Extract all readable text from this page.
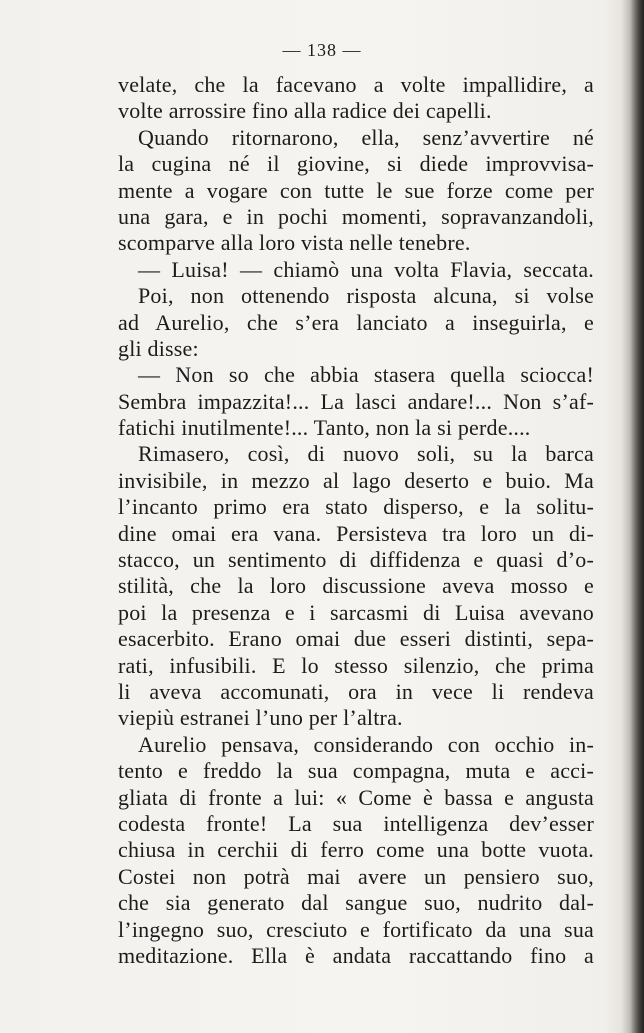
— 138 —
velate, che la facevano a volte impallidire, a
volte arrossire fino alla radice dei capelli.
Quando ritornarono, ella, senz’avvertire né
la cugina né il giovine, si diede improvvisa-
mente a vogare con tutte le sue forze come per
una gara, e in pochi momenti, sopravanzandoli,
scomparve alla loro vista nelle tenebre.
— Luisa! — chiamò una volta Flavia, seccata.
Poi, non ottenendo risposta alcuna, si volse
ad Aurelio, che s’era lanciato a inseguirla, e
gli disse:
— Non so che abbia stasera quella sciocca!
Sembra impazzita!... La lasci andare!... Non s’af-
fatichi inutilmente!... Tanto, non la si perde....
Rimasero, così, di nuovo soli, su la barca
invisibile, in mezzo al lago deserto e buio. Ma
l’incanto primo era stato disperso, e la solitu-
dine omai era vana. Persisteva tra loro un di-
stacco, un sentimento di diffidenza e quasi d’o-
stilità, che la loro discussione aveva mosso e
poi la presenza e i sarcasmi di Luisa avevano
esacerbito. Erano omai due esseri distinti, sepa-
rati, infusibili. E lo stesso silenzio, che prima
li aveva accomunati, ora in vece li rendeva
viepiù estranei l’uno per l’altra.
Aurelio pensava, considerando con occhio in-
tento e freddo la sua compagna, muta e acci-
gliata di fronte a lui: « Come è bassa e angusta
codesta fronte! La sua intelligenza dev’esser
chiusa in cerchii di ferro come una botte vuota.
Costei non potrà mai avere un pensiero suo,
che sia generato dal sangue suo, nudrito dal-
l’ingegno suo, cresciuto e fortificato da una sua
meditazione. Ella è andata raccattando fino a
